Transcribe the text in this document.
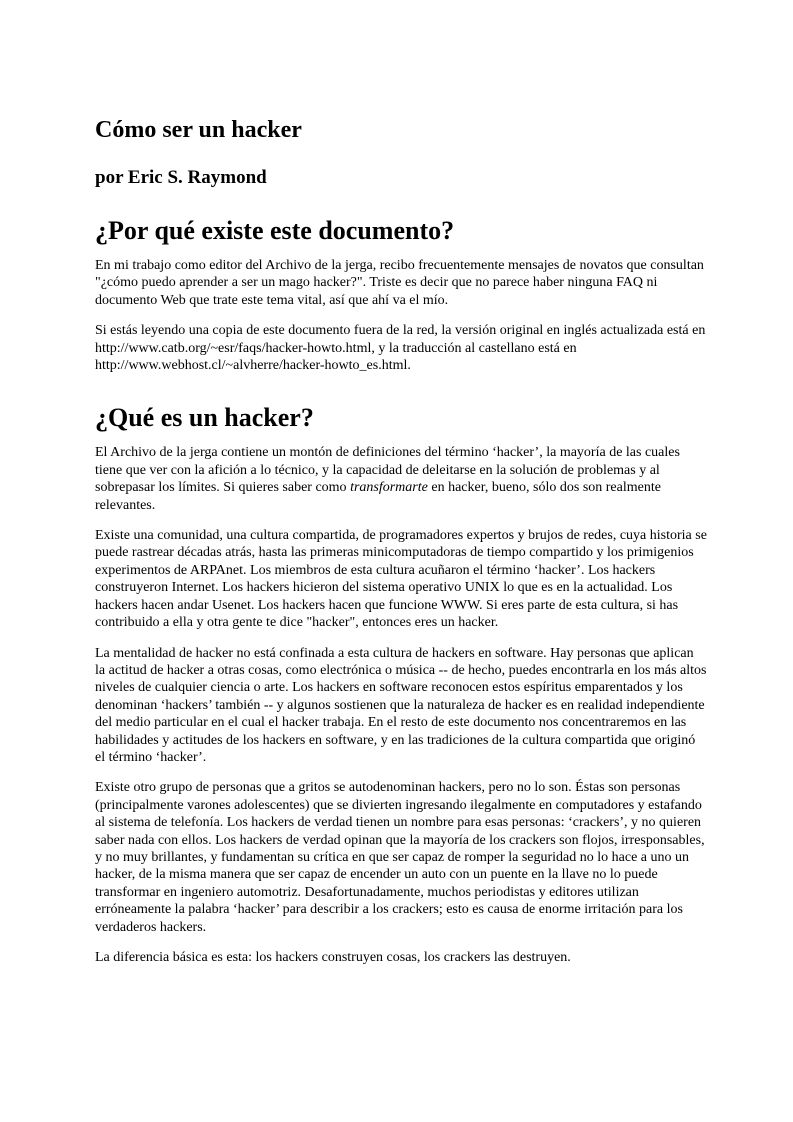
Cómo ser un hacker
por Eric S. Raymond
¿Por qué existe este documento?

En mi trabajo como editor del Archivo de la jerga, recibo frecuentemente mensajes de novatos que consultan "¿cómo puedo aprender a ser un mago hacker?". Triste es decir que no parece haber ninguna FAQ ni documento Web que trate este tema vital, así que ahí va el mío.

Si estás leyendo una copia de este documento fuera de la red, la versión original en inglés actualizada está en http://www.catb.org/~esr/faqs/hacker-howto.html, y la traducción al castellano está en http://www.webhost.cl/~alvherre/hacker-howto_es.html.

¿Qué es un hacker?

El Archivo de la jerga contiene un montón de definiciones del término ‘hacker’, la mayoría de las cuales tiene que ver con la afición a lo técnico, y la capacidad de deleitarse en la solución de problemas y al sobrepasar los límites. Si quieres saber como transformarte en hacker, bueno, sólo dos son realmente relevantes.

Existe una comunidad, una cultura compartida, de programadores expertos y brujos de redes, cuya historia se puede rastrear décadas atrás, hasta las primeras minicomputadoras de tiempo compartido y los primigenios experimentos de ARPAnet. Los miembros de esta cultura acuñaron el término ‘hacker’. Los hackers construyeron Internet. Los hackers hicieron del sistema operativo UNIX lo que es en la actualidad. Los hackers hacen andar Usenet. Los hackers hacen que funcione WWW. Si eres parte de esta cultura, si has contribuido a ella y otra gente te dice "hacker", entonces eres un hacker.

La mentalidad de hacker no está confinada a esta cultura de hackers en software. Hay personas que aplican la actitud de hacker a otras cosas, como electrónica o música -- de hecho, puedes encontrarla en los más altos niveles de cualquier ciencia o arte. Los hackers en software reconocen estos espíritus emparentados y los denominan ‘hackers’ también -- y algunos sostienen que la naturaleza de hacker es en realidad independiente del medio particular en el cual el hacker trabaja. En el resto de este documento nos concentraremos en las habilidades y actitudes de los hackers en software, y en las tradiciones de la cultura compartida que originó el término ‘hacker’.

Existe otro grupo de personas que a gritos se autodenominan hackers, pero no lo son. Éstas son personas (principalmente varones adolescentes) que se divierten ingresando ilegalmente en computadores y estafando al sistema de telefonía. Los hackers de verdad tienen un nombre para esas personas: ‘crackers’, y no quieren saber nada con ellos. Los hackers de verdad opinan que la mayoría de los crackers son flojos, irresponsables, y no muy brillantes, y fundamentan su crítica en que ser capaz de romper la seguridad no lo hace a uno un hacker, de la misma manera que ser capaz de encender un auto con un puente en la llave no lo puede transformar en ingeniero automotriz. Desafortunadamente, muchos periodistas y editores utilizan erróneamente la palabra ‘hacker’ para describir a los crackers; esto es causa de enorme irritación para los verdaderos hackers.

La diferencia básica es esta: los hackers construyen cosas, los crackers las destruyen.
